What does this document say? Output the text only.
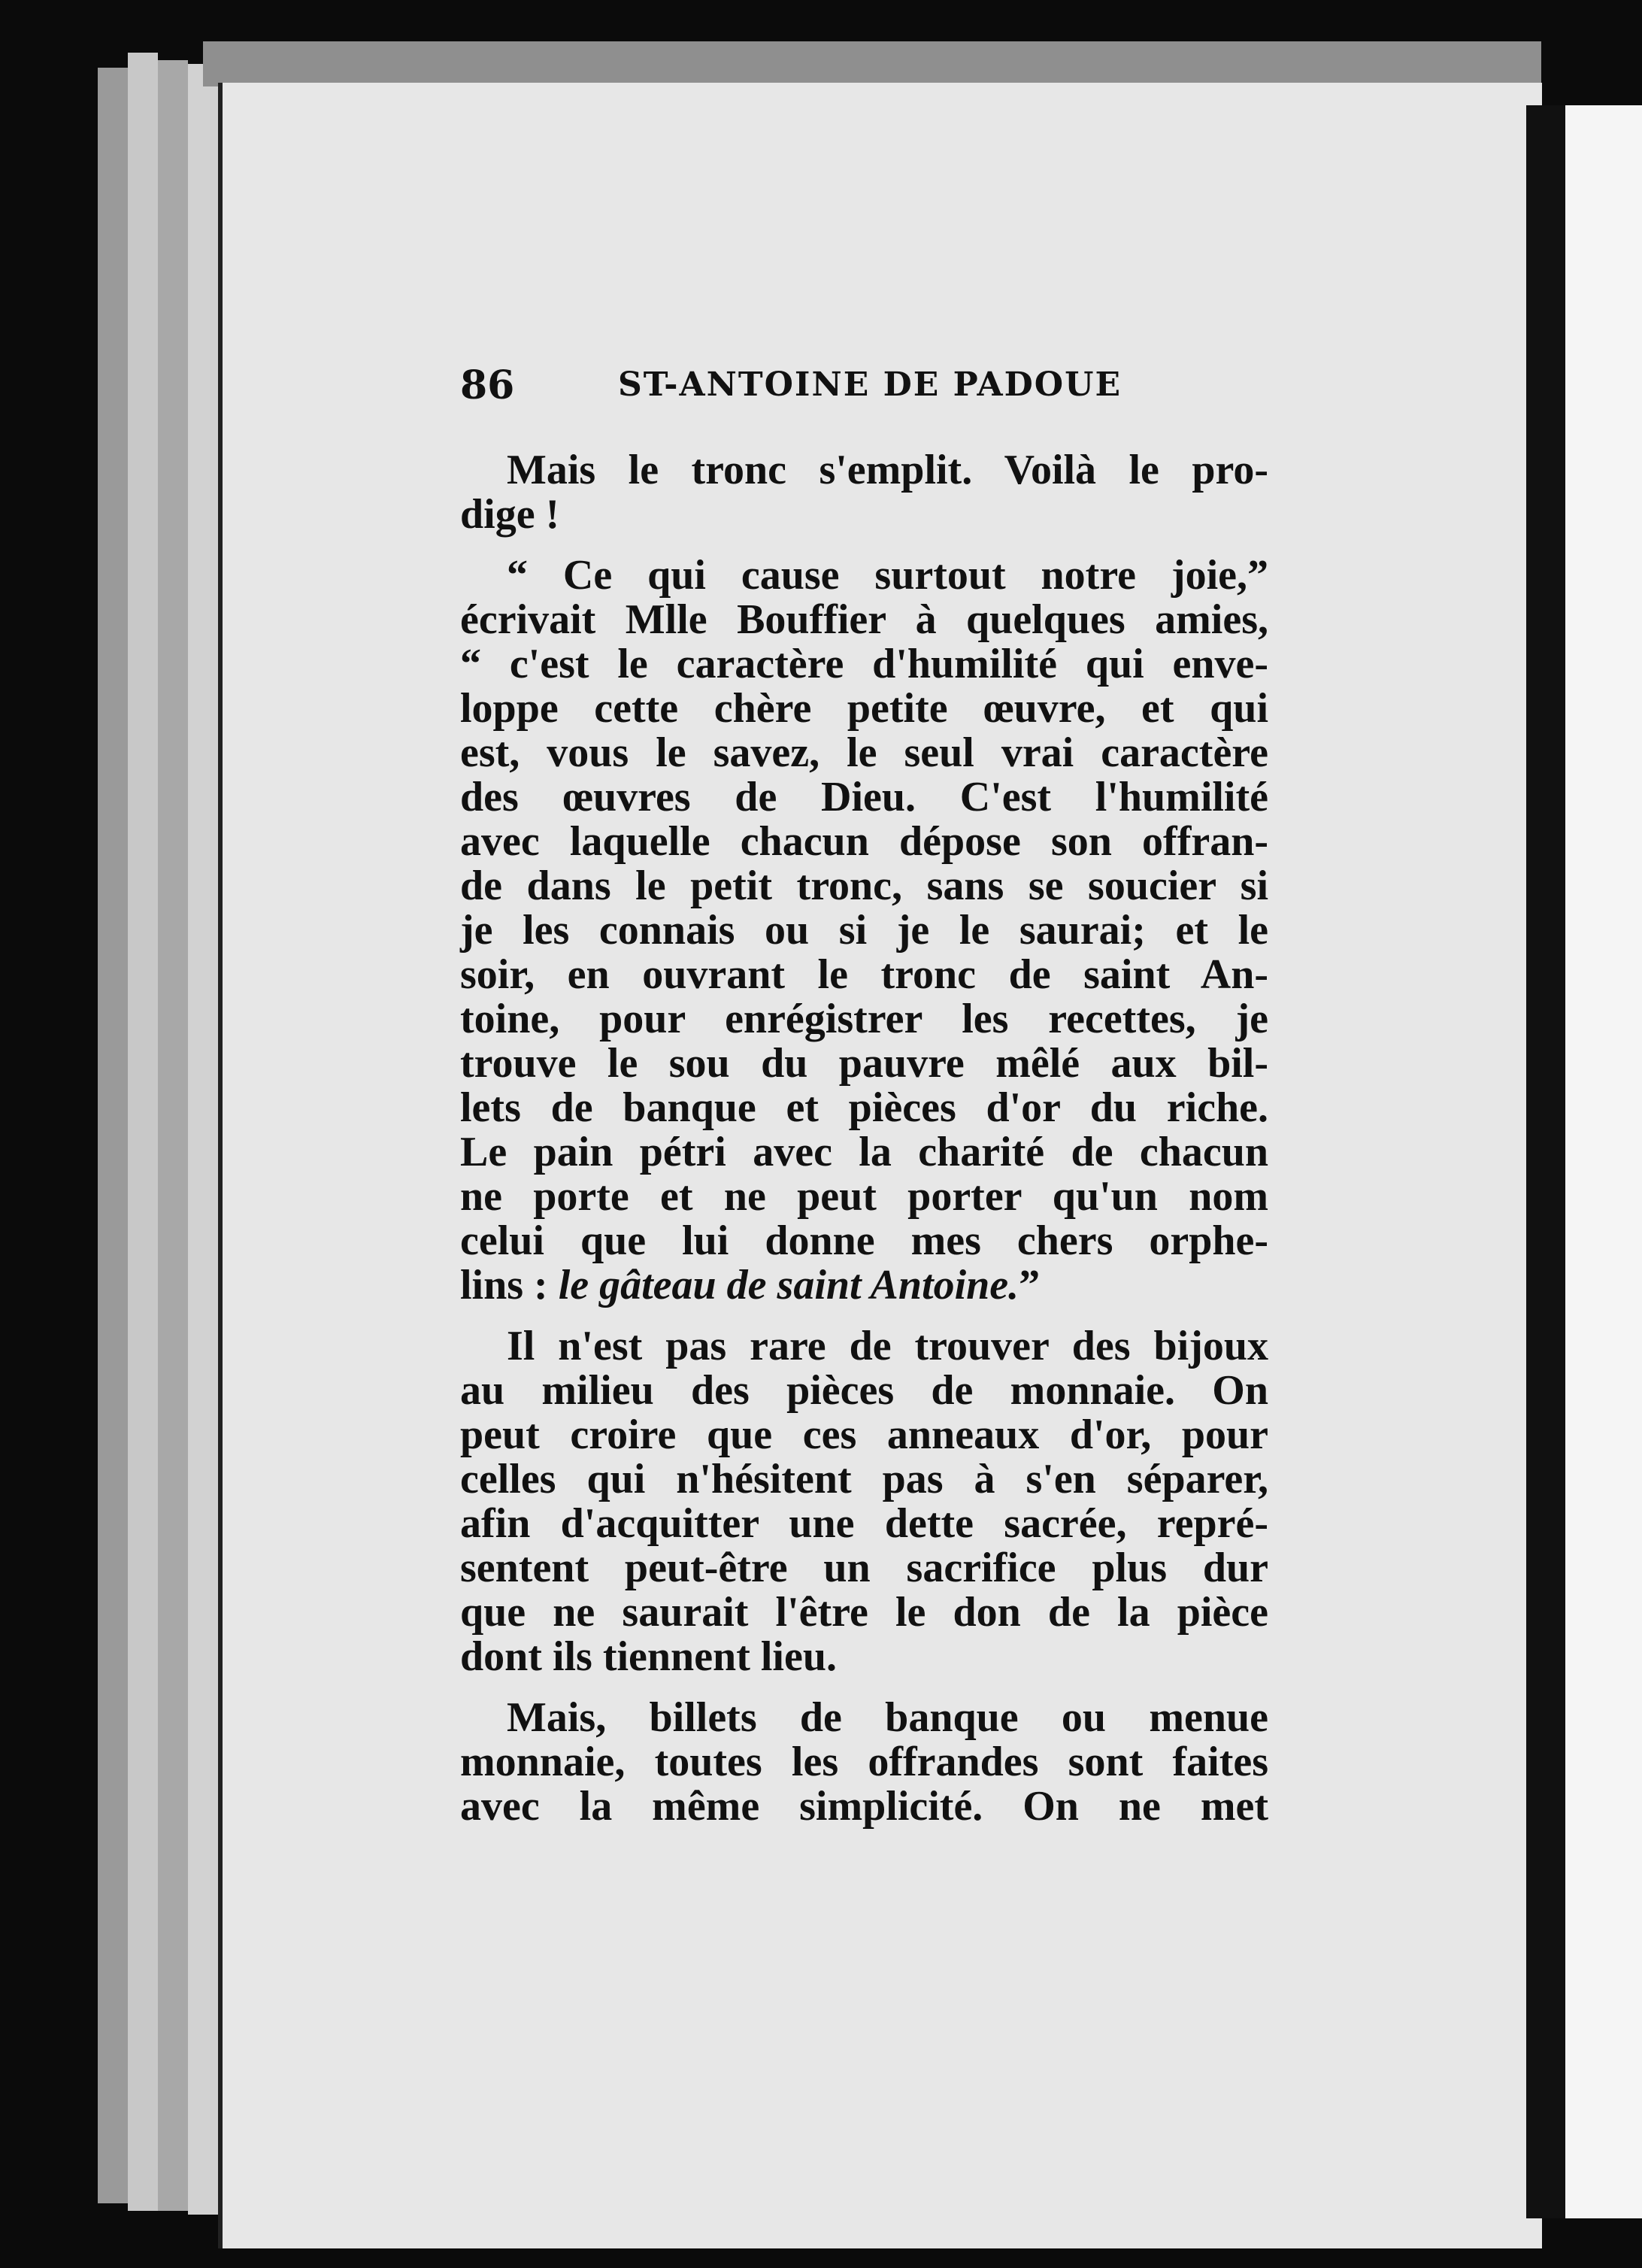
86	ST-ANTOINE DE PADOUE
Mais le tronc s'emplit. Voilà le pro-
dige !
“ Ce qui cause surtout notre joie,”
écrivait Mlle Bouffier à quelques amies,
“ c'est le caractère d'humilité qui enve-
loppe cette chère petite œuvre, et qui
est, vous le savez, le seul vrai caractère
des œuvres de Dieu. C'est l'humilité
avec laquelle chacun dépose son offran-
de dans le petit tronc, sans se soucier si
je les connais ou si je le saurai; et le
soir, en ouvrant le tronc de saint An-
toine, pour enrégistrer les recettes, je
trouve le sou du pauvre mêlé aux bil-
lets de banque et pièces d'or du riche.
Le pain pétri avec la charité de chacun
ne porte et ne peut porter qu'un nom
celui que lui donne mes chers orphe-
lins : le gâteau de saint Antoine.”
Il n'est pas rare de trouver des bijoux
au milieu des pièces de monnaie. On
peut croire que ces anneaux d'or, pour
celles qui n'hésitent pas à s'en séparer,
afin d'acquitter une dette sacrée, repré-
sentent peut-être un sacrifice plus dur
que ne saurait l'être le don de la pièce
dont ils tiennent lieu.
Mais, billets de banque ou menue
monnaie, toutes les offrandes sont faites
avec la même simplicité. On ne met
